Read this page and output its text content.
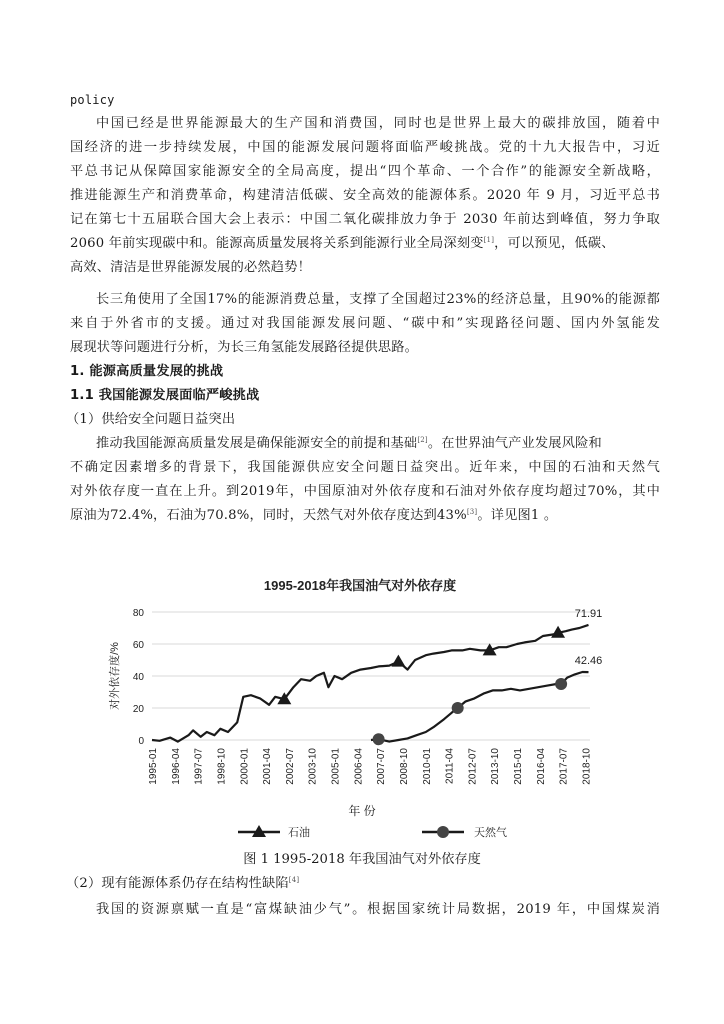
policy
中国已经是世界能源最大的生产国和消费国，同时也是世界上最大的碳排放国，随着中
国经济的进一步持续发展，中国的能源发展问题将面临严峻挑战。党的十九大报告中，习近
平总书记从保障国家能源安全的全局高度，提出“四个革命、一个合作”的能源安全新战略，
推进能源生产和消费革命，构建清洁低碳、安全高效的能源体系。2020 年 9 月，习近平总书
记在第七十五届联合国大会上表示：中国二氧化碳排放力争于 2030 年前达到峰值，努力争取
2060 年前实现碳中和。能源高质量发展将关系到能源行业全局深刻变[1]，可以预见，低碳、
高效、清洁是世界能源发展的必然趋势！
长三角使用了全国17%的能源消费总量，支撑了全国超过23%的经济总量，且90%的能源都
来自于外省市的支援。通过对我国能源发展问题、“碳中和”实现路径问题、国内外氢能发
展现状等问题进行分析，为长三角氢能发展路径提供思路。
1. 能源高质量发展的挑战
1.1 我国能源发展面临严峻挑战
（1）供给安全问题日益突出
推动我国能源高质量发展是确保能源安全的前提和基础[2]。在世界油气产业发展风险和
不确定因素增多的背景下，我国能源供应安全问题日益突出。近年来，中国的石油和天然气
对外依存度一直在上升。到2019年，中国原油对外依存度和石油对外依存度均超过70%，其中
原油为72.4%，石油为70.8%，同时，天然气对外依存度达到43%[3]。详见图1 。
1995-2018年我国油气对外依存度
0
20
40
60
80
对外依存度/%
1995-01 1996-04 1997-07 1998-10 2000-01 2001-04 2002-07 2003-10 2005-01 2006-04 2007-07 2008-10 2010-01 2011-04 2012-07 2013-10 2015-01 2016-04 2017-07 2018-10
年 份
71.91
42.46
石油	天然气
图 1 1995-2018 年我国油气对外依存度
（2）现有能源体系仍存在结构性缺陷[4]
我国的资源禀赋一直是“富煤缺油少气”。根据国家统计局数据，2019 年，中国煤炭消
